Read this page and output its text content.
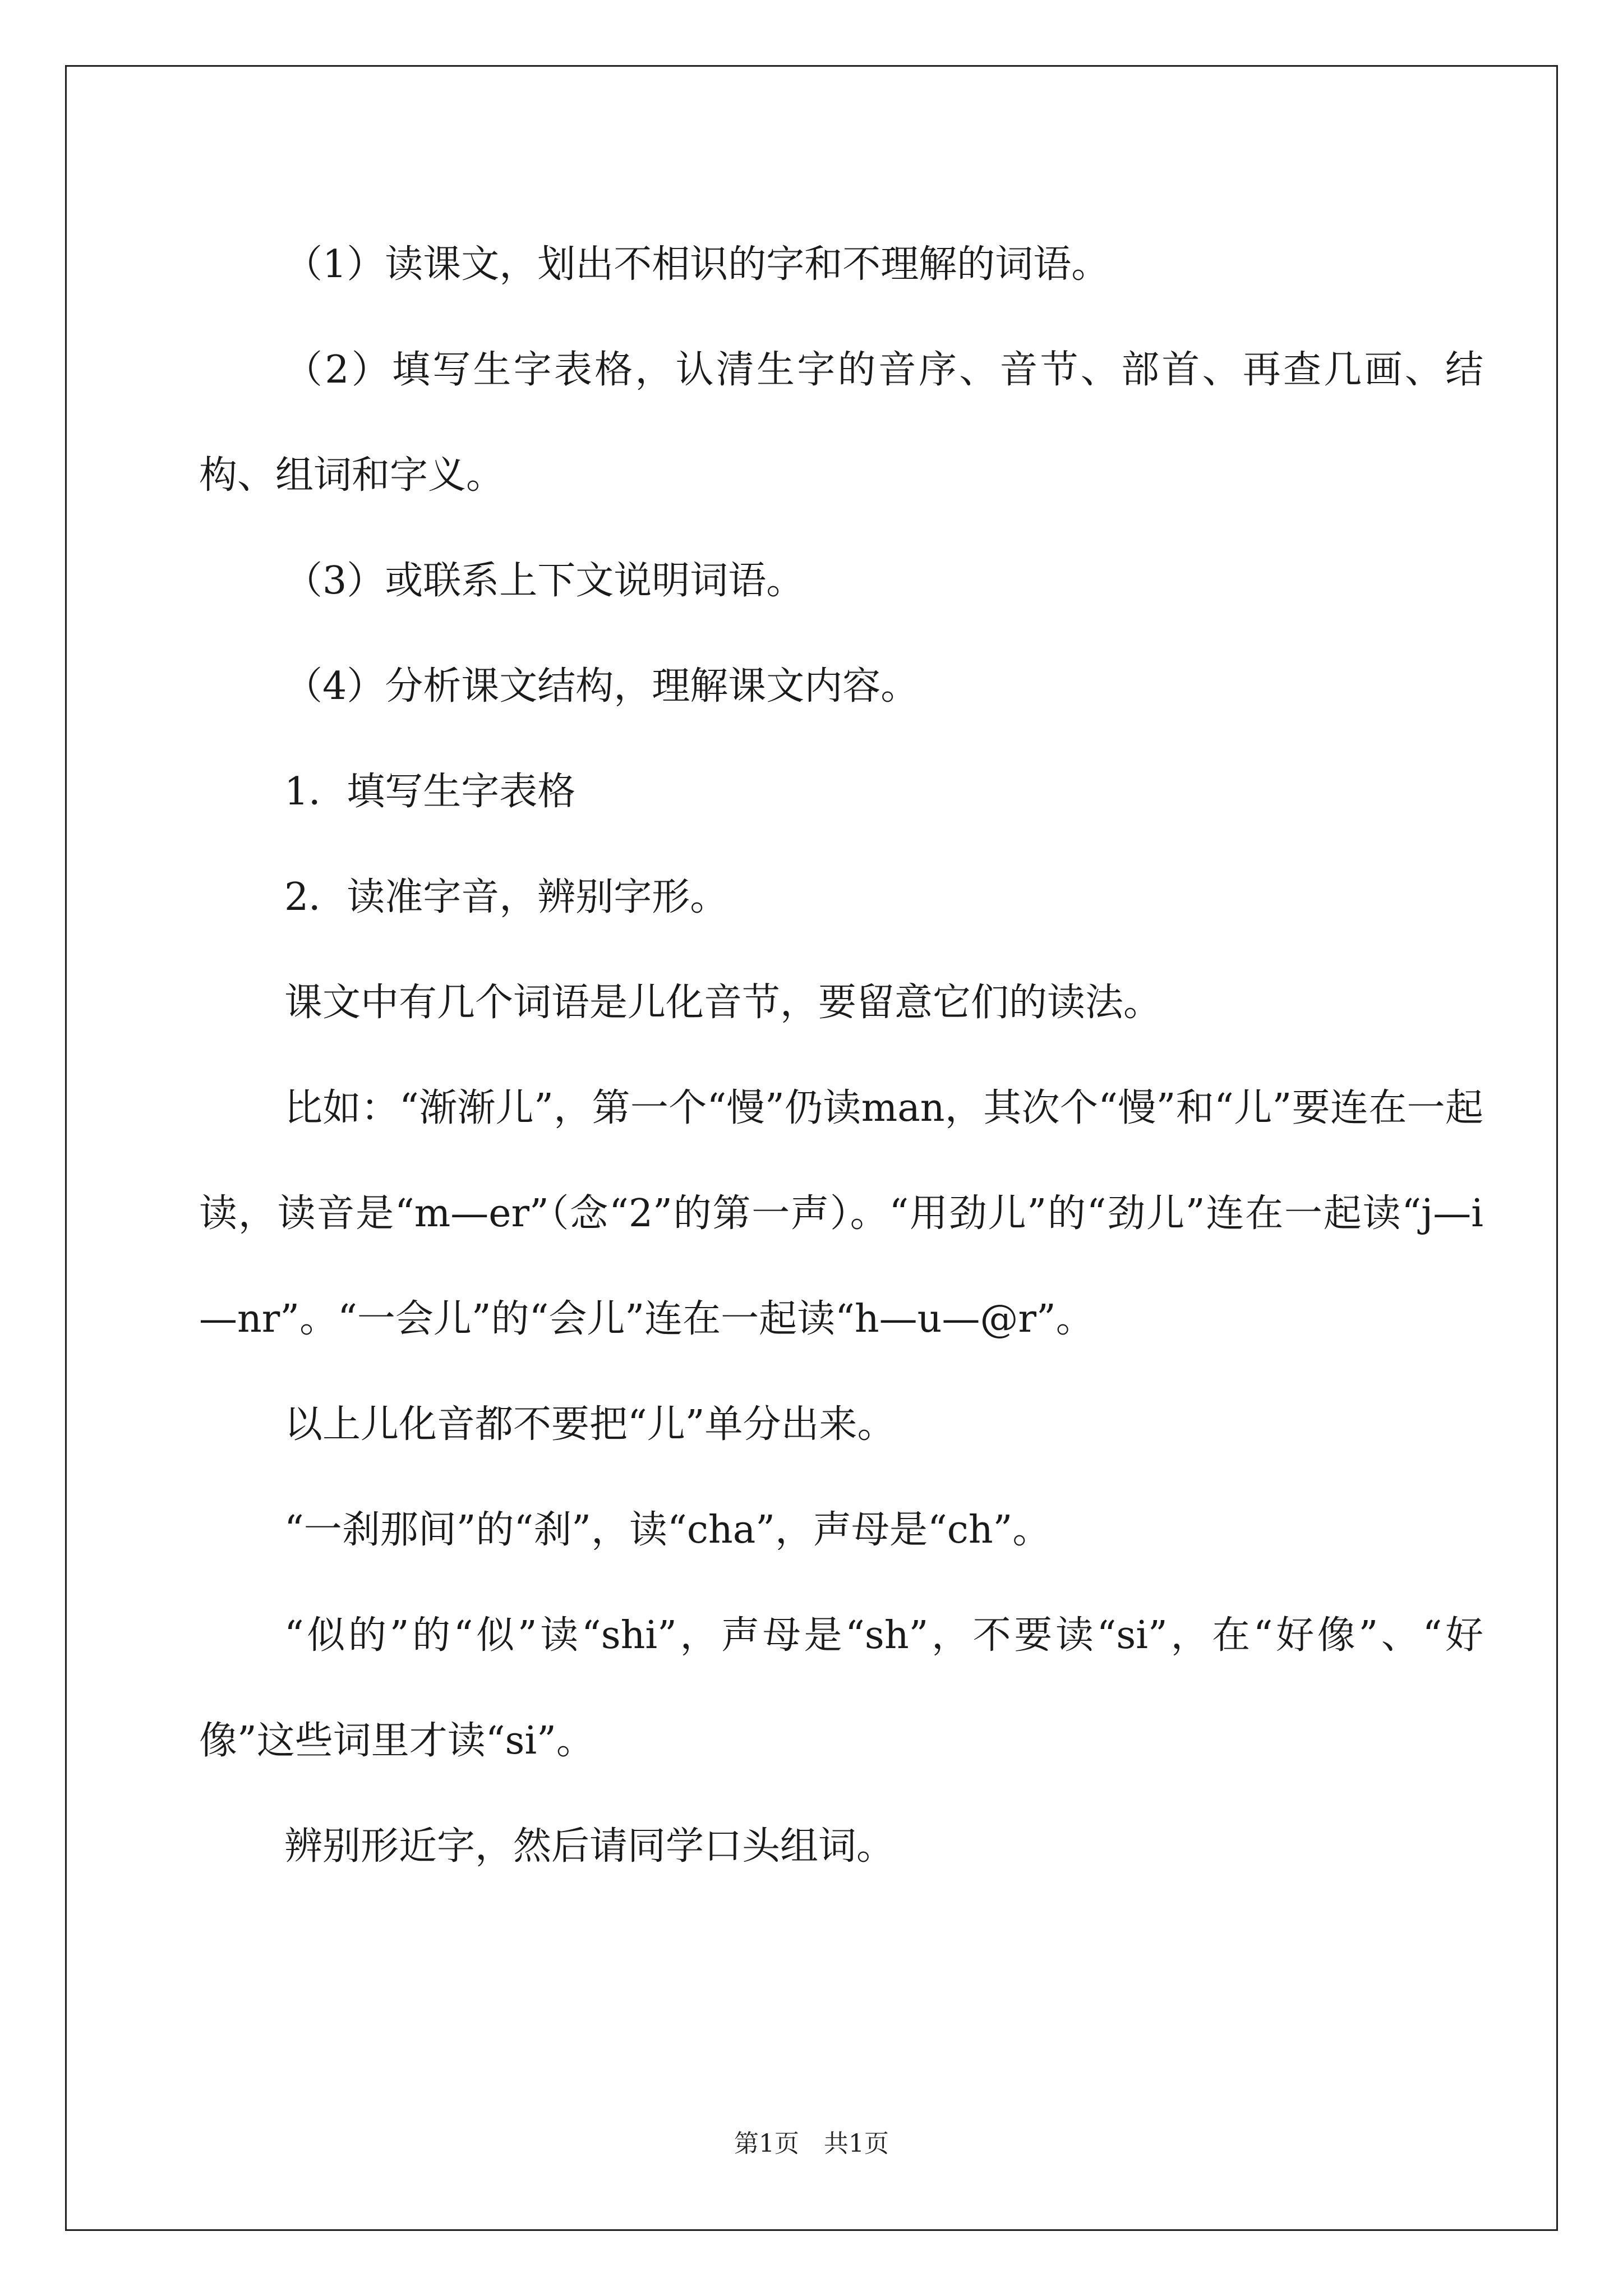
（1）读课文，划出不相识的字和不理解的词语。

（2）填写生字表格，认清生字的音序、音节、部首、再查几画、结构、组词和字义。

（3）或联系上下文说明词语。

（4）分析课文结构，理解课文内容。

1．填写生字表格

2．读准字音，辨别字形。

课文中有几个词语是儿化音节，要留意它们的读法。

比如：“渐渐儿”，第一个“慢”仍读man，其次个“慢”和“儿”要连在一起读，读音是“m—er”（念“2”的第一声）。“用劲儿”的“劲儿”连在一起读“j—i—nr”。“一会儿”的“会儿”连在一起读“h—u—@r”。

以上儿化音都不要把“儿”单分出来。

“一刹那间”的“刹”，读“cha”，声母是“ch”。

“似的”的“似”读“shi”，声母是“sh”，不要读“si”，在“好像”、“好像”这些词里才读“si”。

辨别形近字，然后请同学口头组词。

第1页　共1页
